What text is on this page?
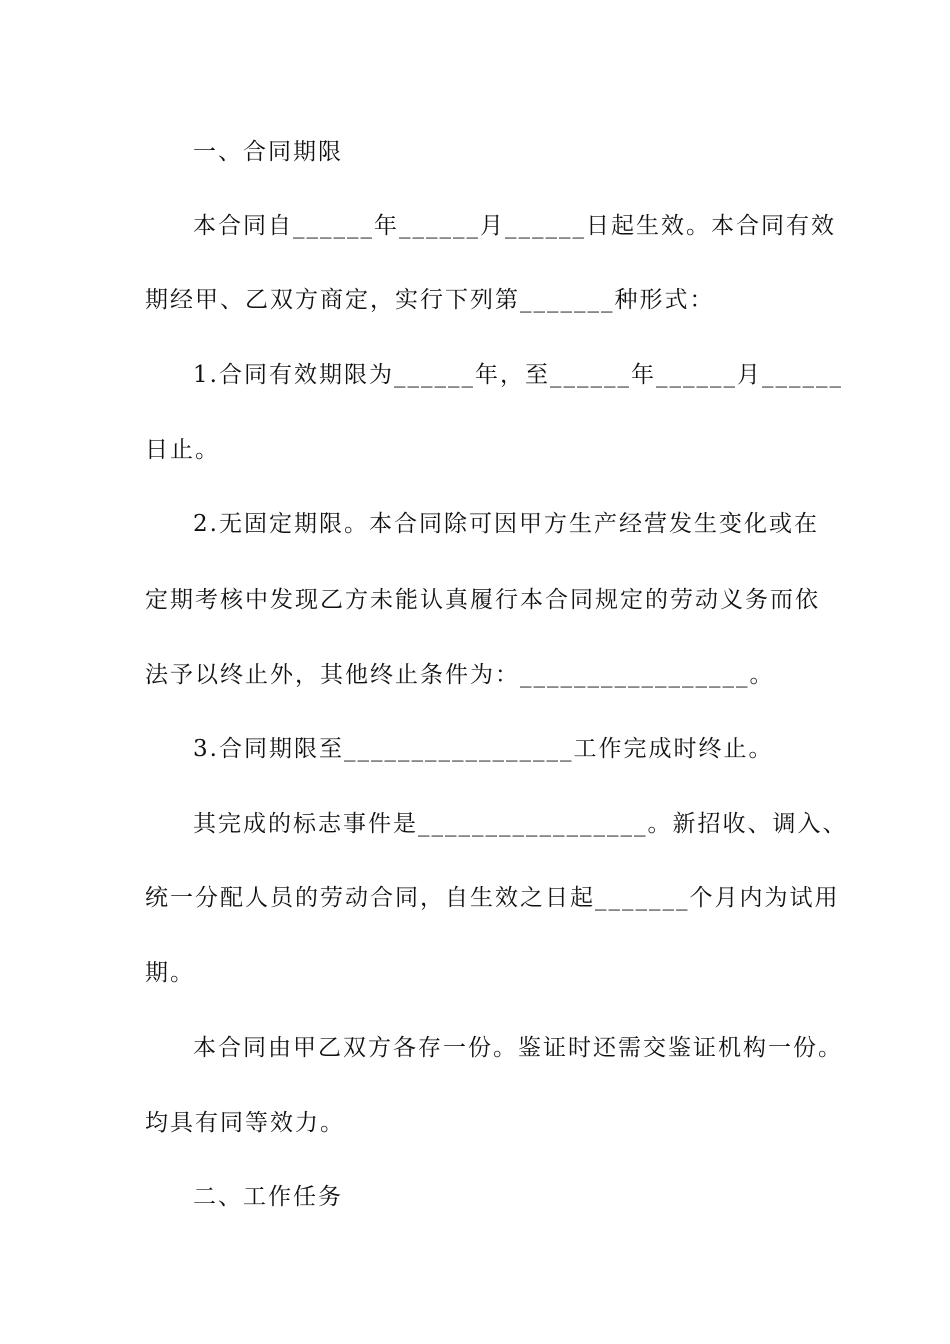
一、合同期限
本合同自______年______月______日起生效。本合同有效
期经甲、乙双方商定，实行下列第_______种形式：
1.合同有效期限为______年，至______年______月______
日止。
2.无固定期限。本合同除可因甲方生产经营发生变化或在
定期考核中发现乙方未能认真履行本合同规定的劳动义务而依
法予以终止外，其他终止条件为：_________________。
3.合同期限至_________________工作完成时终止。
其完成的标志事件是_________________。新招收、调入、
统一分配人员的劳动合同，自生效之日起_______个月内为试用
期。
本合同由甲乙双方各存一份。鉴证时还需交鉴证机构一份。
均具有同等效力。
二、工作任务
